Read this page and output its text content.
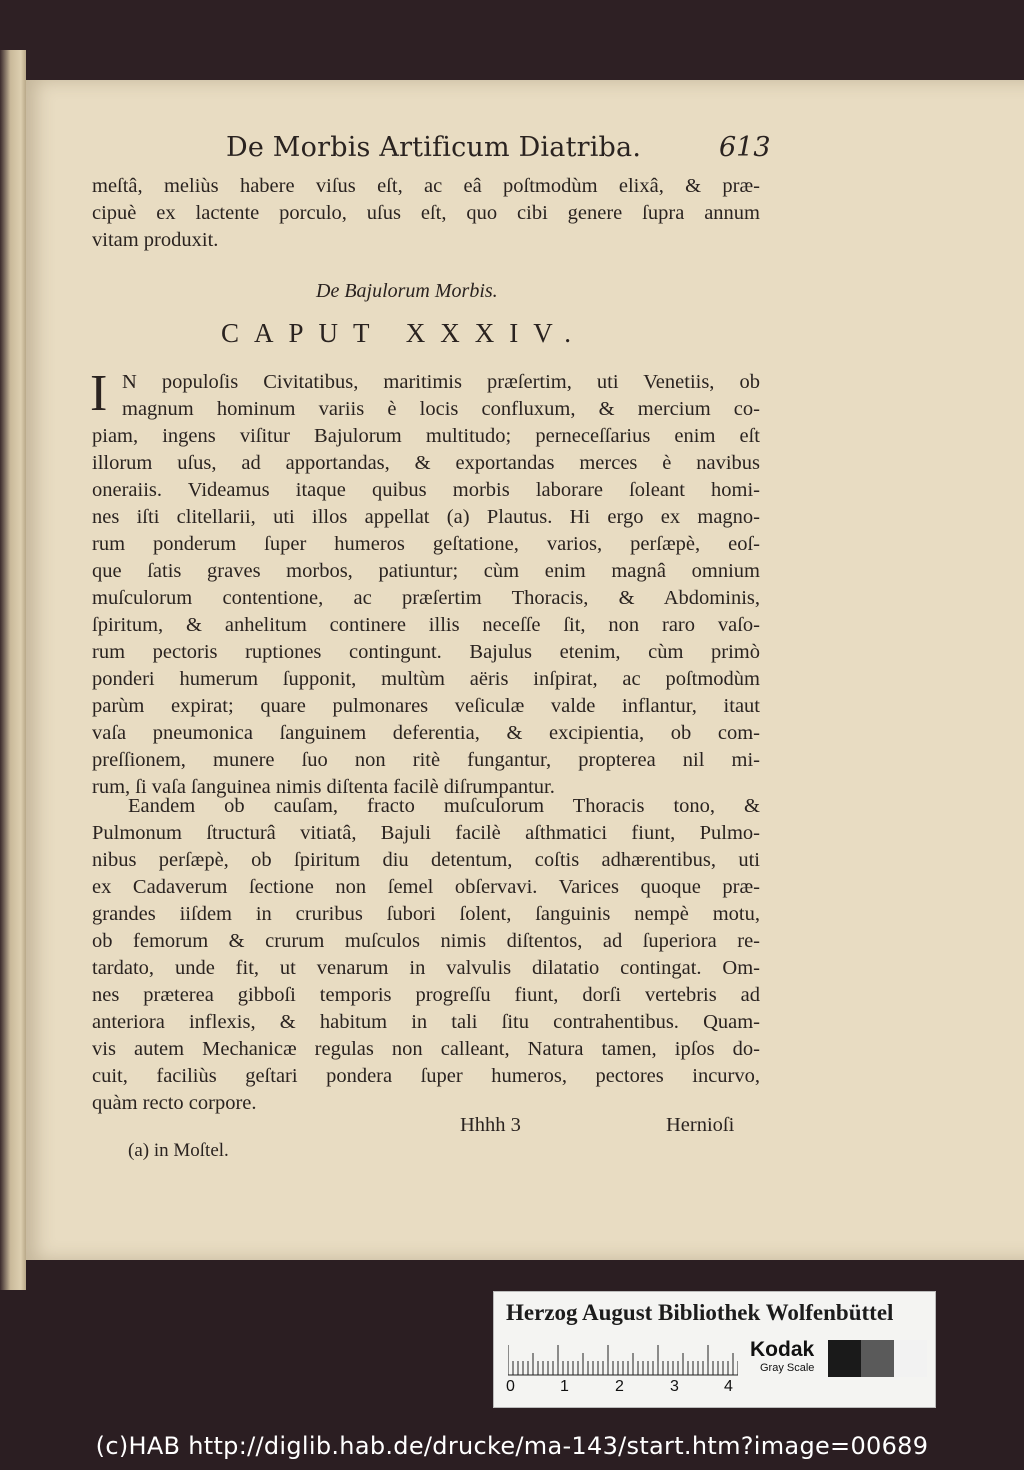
De Morbis Artificum Diatriba.	613
meſtâ, meliùs habere viſus eſt, ac eâ poſtmodùm elixâ, & præ-
cipuè ex lactente porculo, uſus eſt, quo cibi genere ſupra annum
vitam produxit.
De Bajulorum Morbis.
CAPUT XXXIV.
I N populoſis Civitatibus, maritimis præſertim, uti Venetiis, ob
magnum hominum variis è locis confluxum, & mercium co-
piam, ingens viſitur Bajulorum multitudo; perneceſſarius enim eſt
illorum uſus, ad apportandas, & exportandas merces è navibus
oneraiis. Videamus itaque quibus morbis laborare ſoleant homi-
nes iſti clitellarii, uti illos appellat (a) Plautus. Hi ergo ex magno-
rum ponderum ſuper humeros geſtatione, varios, perſæpè, eoſ-
que ſatis graves morbos, patiuntur; cùm enim magnâ omnium
muſculorum contentione, ac præſertim Thoracis, & Abdominis,
ſpiritum, & anhelitum continere illis neceſſe ſit, non raro vaſo-
rum pectoris ruptiones contingunt. Bajulus etenim, cùm primò
ponderi humerum ſupponit, multùm aëris inſpirat, ac poſtmodùm
parùm expirat; quare pulmonares veſiculæ valde inflantur, itaut
vaſa pneumonica ſanguinem deferentia, & excipientia, ob com-
preſſionem, munere ſuo non ritè fungantur, propterea nil mi-
rum, ſi vaſa ſanguinea nimis diſtenta facilè diſrumpantur.
Eandem ob cauſam, fracto muſculorum Thoracis tono, &
Pulmonum ſtructurâ vitiatâ, Bajuli facilè aſthmatici fiunt, Pulmo-
nibus perſæpè, ob ſpiritum diu detentum, coſtis adhærentibus, uti
ex Cadaverum ſectione non ſemel obſervavi. Varices quoque præ-
grandes iiſdem in cruribus ſubori ſolent, ſanguinis nempè motu,
ob femorum & crurum muſculos nimis diſtentos, ad ſuperiora re-
tardato, unde fit, ut venarum in valvulis dilatatio contingat. Om-
nes præterea gibboſi temporis progreſſu fiunt, dorſi vertebris ad
anteriora inflexis, & habitum in tali ſitu contrahentibus. Quam-
vis autem Mechanicæ regulas non calleant, Natura tamen, ipſos do-
cuit, faciliùs geſtari pondera ſuper humeros, pectores incurvo,
quàm recto corpore.
Hhhh 3	Hernioſi
(a) in Moſtel.
Herzog August Bibliothek Wolfenbüttel
0	1	2	3	4
Kodak
Gray Scale
(c)HAB http://diglib.hab.de/drucke/ma-143/start.htm?image=00689
